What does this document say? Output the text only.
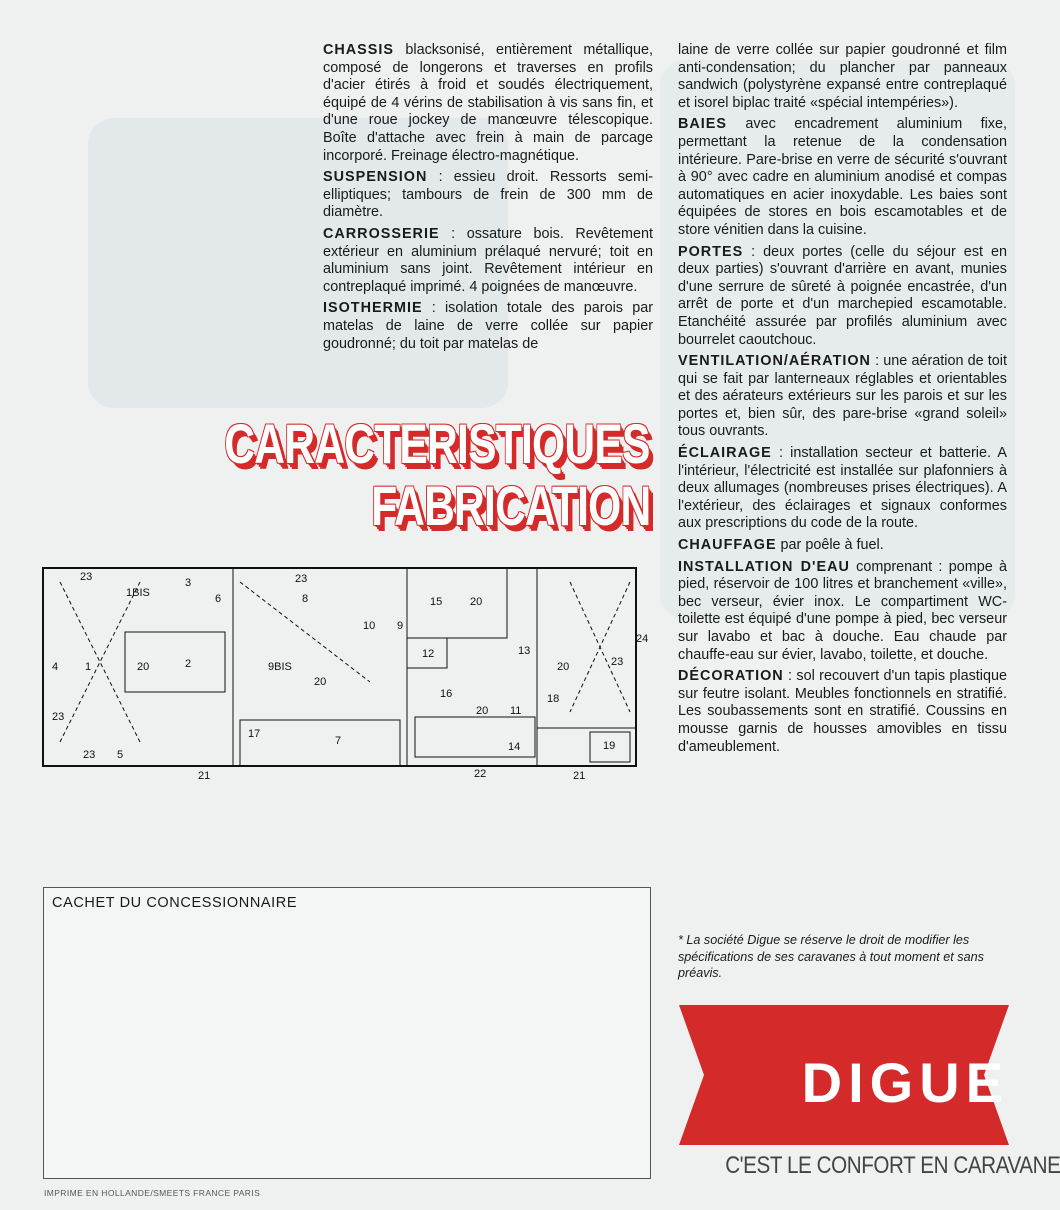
CHASSIS blacksonisé, entièrement métallique, composé de longerons et traverses en profils d'acier étirés à froid et soudés électriquement, équipé de 4 vérins de stabilisation à vis sans fin, et d'une roue jockey de manœuvre télescopique. Boîte d'attache avec frein à main de parcage incorporé. Freinage électro-magnétique.

SUSPENSION : essieu droit. Ressorts semi-elliptiques; tambours de frein de 300 mm de diamètre.

CARROSSERIE : ossature bois. Revêtement extérieur en aluminium prélaqué nervuré; toit en aluminium sans joint. Revêtement intérieur en contreplaqué imprimé. 4 poignées de manœuvre.

ISOTHERMIE : isolation totale des parois par matelas de laine de verre collée sur papier goudronné; du toit par matelas de

laine de verre collée sur papier goudronné et film anti-condensation; du plancher par panneaux sandwich (polystyrène expansé entre contreplaqué et isorel biplac traité «spécial intempéries»).

BAIES avec encadrement aluminium fixe, permettant la retenue de la condensation intérieure. Pare-brise en verre de sécurité s'ouvrant à 90° avec cadre en aluminium anodisé et compas automatiques en acier inoxydable. Les baies sont équipées de stores en bois escamotables et de store vénitien dans la cuisine.

PORTES : deux portes (celle du séjour est en deux parties) s'ouvrant d'arrière en avant, munies d'une serrure de sûreté à poignée encastrée, d'un arrêt de porte et d'un marchepied escamotable. Etanchéité assurée par profilés aluminium avec bourrelet caoutchouc.

VENTILATION/AÉRATION : une aération de toit qui se fait par lanterneaux réglables et orientables et des aérateurs extérieurs sur les parois et sur les portes et, bien sûr, des pare-brise «grand soleil» tous ouvrants.

ÉCLAIRAGE : installation secteur et batterie. A l'intérieur, l'électricité est installée sur plafonniers à deux allumages (nombreuses prises électriques). A l'extérieur, des éclairages et signaux conformes aux prescriptions du code de la route.

CHAUFFAGE par poêle à fuel.

INSTALLATION D'EAU comprenant : pompe à pied, réservoir de 100 litres et branchement «ville», bec verseur, évier inox. Le compartiment WC-toilette est équipé d'une pompe à pied, bec verseur sur lavabo et bac à douche. Eau chaude par chauffe-eau sur évier, lavabo, toilette, et douche.

DÉCORATION : sol recouvert d'un tapis plastique sur feutre isolant. Meubles fonctionnels en stratifié. Les soubassements sont en stratifié. Coussins en mousse garnis de housses amovibles en tissu d'ameublement.

CARACTERISTIQUES
FABRICATION
23	3
1BIS	6
23
8	15	20
4 1	20	2
10 9
12	13
20	23
24
9BIS
20
16	18
23
17
7
20 11
14	19
23 5
21	22	21
CACHET DU CONCESSIONNAIRE
* La société Digue se réserve le droit de modifier les spécifications de ses caravanes à tout moment et sans préavis.
DIGUE
C'EST LE CONFORT EN CARAVANE
IMPRIME EN HOLLANDE/SMEETS FRANCE PARIS
